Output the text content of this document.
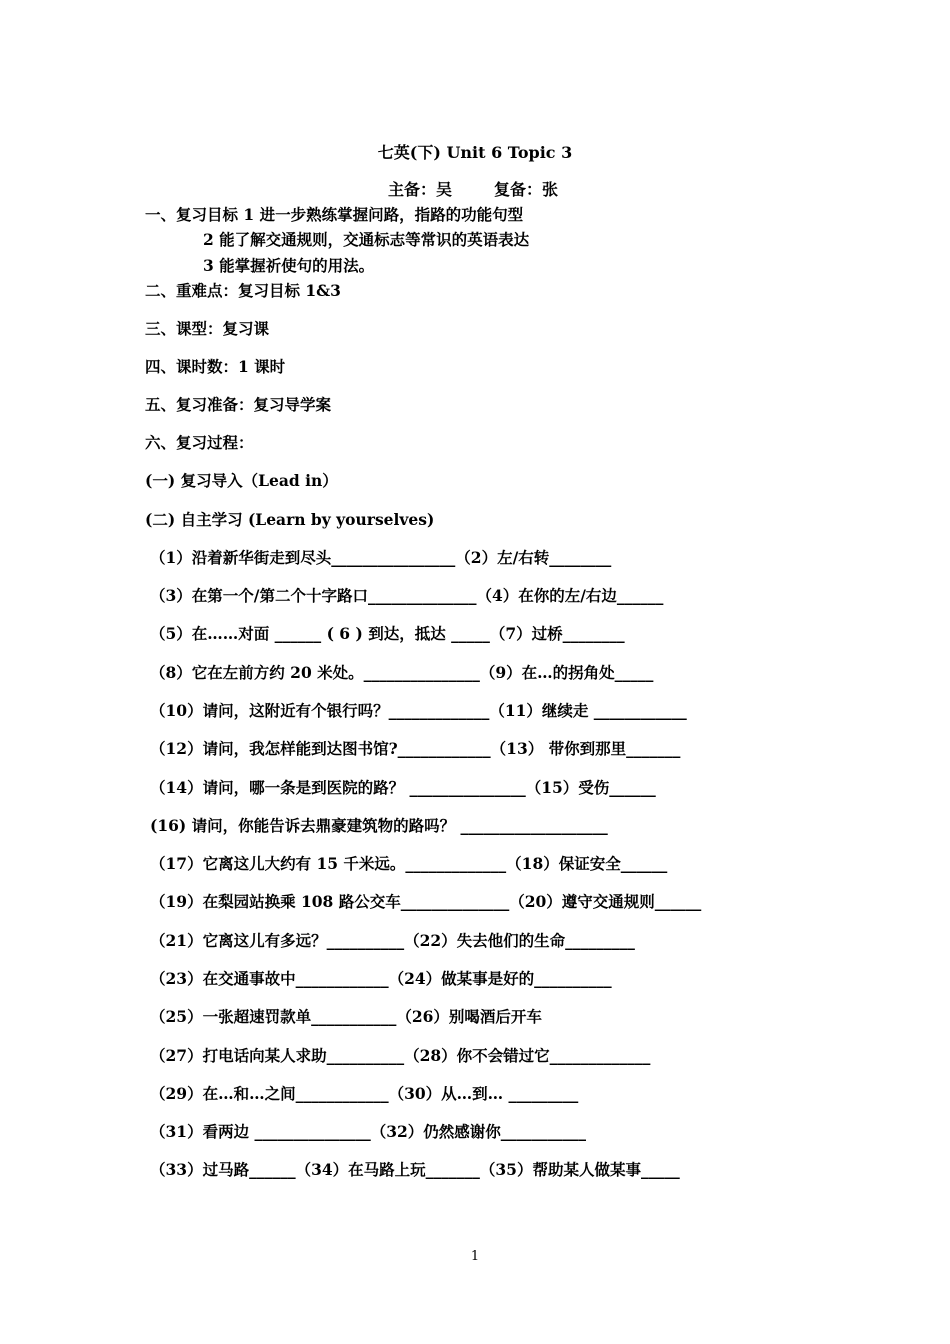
七英(下) Unit 6 Topic 3
主备：吴	复备：张
一、复习目标 1 进一步熟练掌握问路，指路的功能句型
2 能了解交通规则，交通标志等常识的英语表达
3 能掌握祈使句的用法。
二、重难点：复习目标 1&3
三、课型：复习课
四、课时数：1 课时
五、复习准备：复习导学案
六、复习过程：
(一) 复习导入（Lead in）
(二) 自主学习 (Learn by yourselves)
（1）沿着新华街走到尽头________________（2）左/右转________
（3）在第一个/第二个十字路口______________（4）在你的左/右边______
（5）在……对面 ______ ( 6 ) 到达，抵达 _____（7）过桥________
（8）它在左前方约 20 米处。_______________（9）在…的拐角处_____
（10）请问，这附近有个银行吗？_____________（11）继续走 ____________
（12）请问，我怎样能到达图书馆?____________（13） 带你到那里_______
（14）请问，哪一条是到医院的路？ _______________（15）受伤______
(16) 请问，你能告诉去鼎豪建筑物的路吗？ ___________________
（17）它离这儿大约有 15 千米远。_____________（18）保证安全______
（19）在梨园站换乘 108 路公交车______________（20）遵守交通规则______
（21）它离这儿有多远？__________（22）失去他们的生命_________
（23）在交通事故中____________（24）做某事是好的__________
（25）一张超速罚款单___________（26）别喝酒后开车
（27）打电话向某人求助__________（28）你不会错过它_____________
（29）在…和…之间____________（30）从…到… _________
（31）看两边 _______________（32）仍然感谢你___________
（33）过马路______（34）在马路上玩_______（35）帮助某人做某事_____
1
